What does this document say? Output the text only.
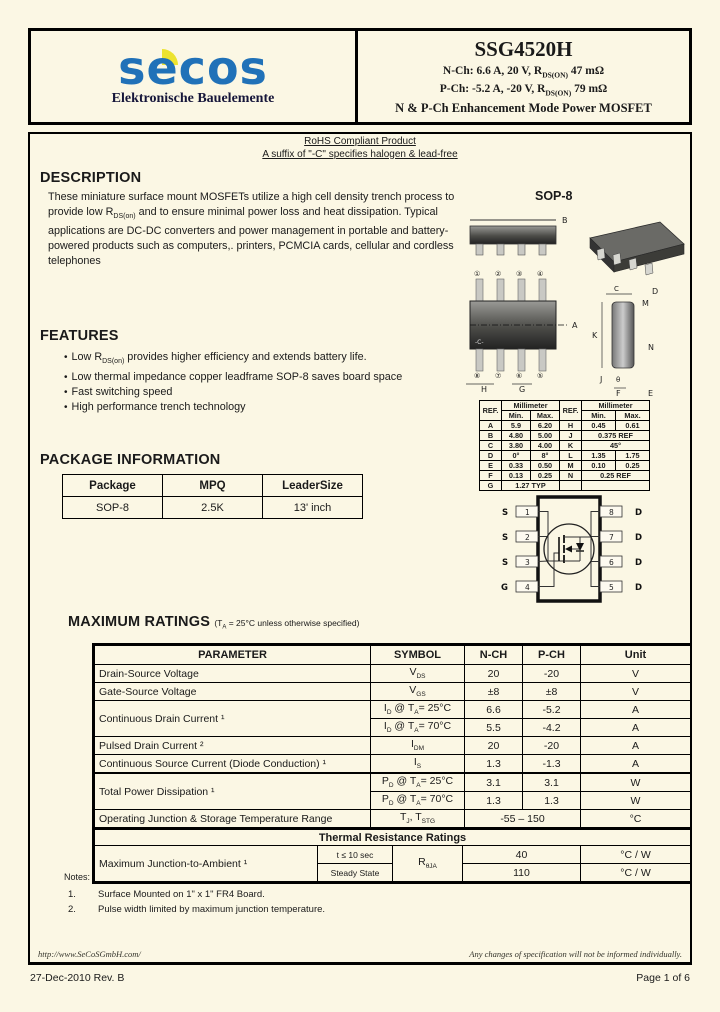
s e c o s
Elektronische Bauelemente
SSG4520H
N-Ch: 6.6 A, 20 V, $R_{DS(ON)}$ 47 mΩ
P-Ch: -5.2 A, -20 V, $R_{DS(ON)}$ 79 mΩ
N & P-Ch Enhancement Mode Power MOSFET
RoHS Compliant Product
A suffix of "-C" specifies halogen & lead-free
DESCRIPTION
These miniature surface mount MOSFETs utilize a high cell density trench process to provide low $R_{DS(on)}$ and to ensure minimal power loss and heat dissipation. Typical applications are DC-DC converters and power management in portable and battery-powered products such as computers,. printers, PCMCIA cards, cellular and cordless telephones
SOP-8
B
① ② ③ ④
A
-C-
⑧ ⑦ ⑥ ⑤
H	G
C	D
M
K
N
J θ
F	E
REF.	Millimeter		REF.	Millimeter	
	Min.	Max.		Min.	Max.
A	5.9	6.20	H	0.45	0.61
B	4.80	5.00	J	0.375 REF	
C	3.80	4.00	K	45°	
D	0°	8°	L	1.35	1.75
E	0.33	0.50	M	0.10	0.25
F	0.13	0.25	N	0.25 REF	
G	1.27 TYP				
FEATURES
• Low $R_{DS(on)}$ provides higher efficiency and extends battery life.
• Low thermal impedance copper leadframe SOP-8 saves board space
• Fast switching speed
• High performance trench technology
PACKAGE INFORMATION
Package	MPQ	LeaderSize
SOP-8	2.5K	13' inch	1
2
3
4
S
S
S
G
8
7
6
5
D
D
D
D
MAXIMUM RATINGS ($T_A = 25^\circ C$ unless otherwise specified)
PARAMETER	SYMBOL	N-CH	P-CH	Unit
Drain-Source Voltage	$V_{DS}$	20	-20	V
Gate-Source Voltage	$V_{GS}$	±8	±8	V
Continuous Drain Current ¹	$I_D$ @ $T_A= 25^\circ C$	6.6	-5.2	A
	$I_D$ @ $T_A= 70^\circ C$	5.5	-4.2	A
Pulsed Drain Current ²	$I_{DM}$	20	-20	A
Continuous Source Current (Diode Conduction) ¹	$I_S$	1.3	-1.3	A
Total Power Dissipation ¹	$P_D$ @ $T_A= 25^\circ C$	3.1	3.1	W
	$P_D$ @ $T_A= 70^\circ C$	1.3	1.3	W
Operating Junction & Storage Temperature Range	$T_J$, $T_{STG}$	-55 – 150		°C
Thermal Resistance Ratings				
Maximum Junction-to-Ambient ¹	t ≤ 10 sec	$R_{\theta JA}$	40	°C / W
	Steady State		110	°C / W
Notes:
1.	Surface Mounted on 1" x 1" FR4 Board.
2.	Pulse width limited by maximum junction temperature.
http://www.SeCoSGmbH.com/	Any changes of specification will not be informed individually.
27-Dec-2010 Rev. B	Page 1 of 6
